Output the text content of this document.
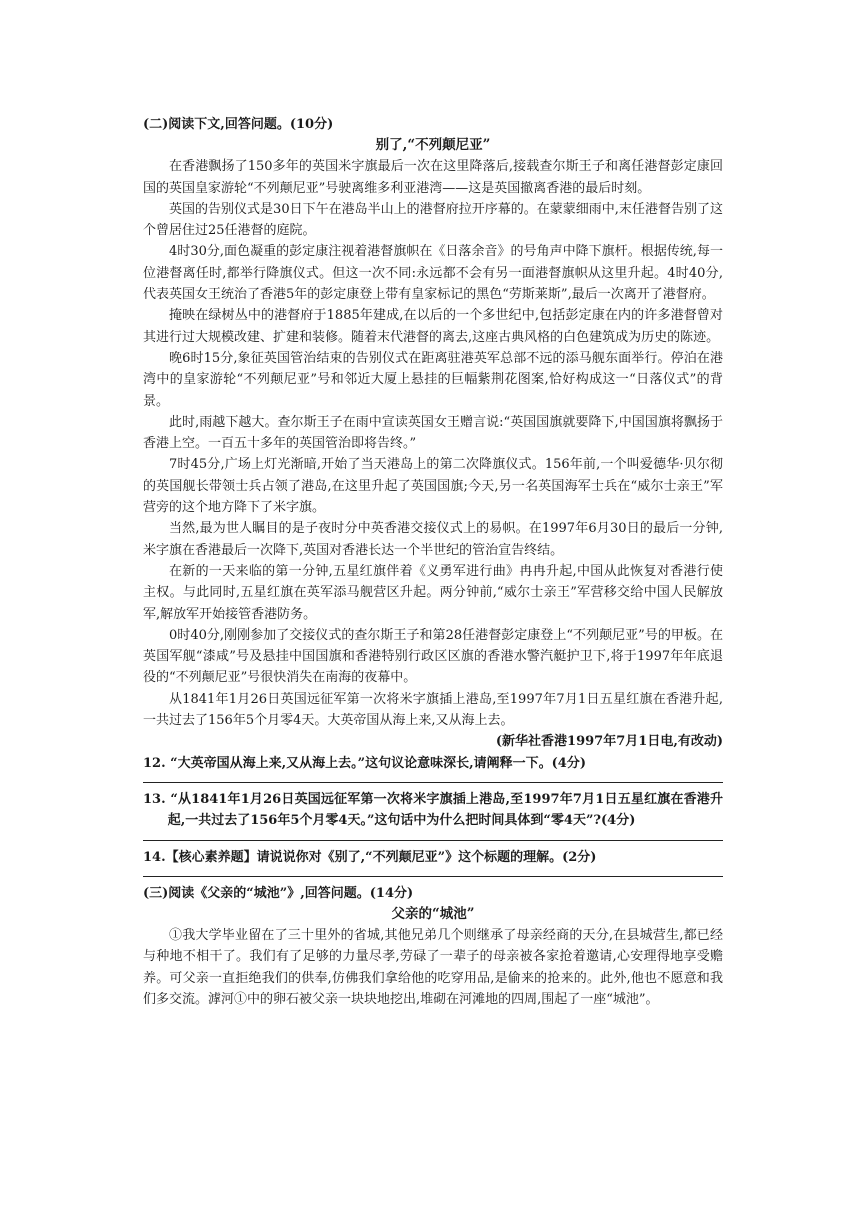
(二)阅读下文,回答问题。(10分)

别了,“不列颠尼亚”

在香港飘扬了150多年的英国米字旗最后一次在这里降落后,接载查尔斯王子和离任港督彭定康回国的英国皇家游轮“不列颠尼亚”号驶离维多利亚港湾——这是英国撤离香港的最后时刻。

英国的告别仪式是30日下午在港岛半山上的港督府拉开序幕的。在蒙蒙细雨中,末任港督告别了这个曾居住过25任港督的庭院。

4时30分,面色凝重的彭定康注视着港督旗帜在《日落余音》的号角声中降下旗杆。根据传统,每一位港督离任时,都举行降旗仪式。但这一次不同:永远都不会有另一面港督旗帜从这里升起。4时40分,代表英国女王统治了香港5年的彭定康登上带有皇家标记的黑色“劳斯莱斯”,最后一次离开了港督府。

掩映在绿树丛中的港督府于1885年建成,在以后的一个多世纪中,包括彭定康在内的许多港督曾对其进行过大规模改建、扩建和装修。随着末代港督的离去,这座古典风格的白色建筑成为历史的陈迹。

晚6时15分,象征英国管治结束的告别仪式在距离驻港英军总部不远的添马舰东面举行。停泊在港湾中的皇家游轮“不列颠尼亚”号和邻近大厦上悬挂的巨幅紫荆花图案,恰好构成这一“日落仪式”的背景。

此时,雨越下越大。查尔斯王子在雨中宣读英国女王赠言说:“英国国旗就要降下,中国国旗将飘扬于香港上空。一百五十多年的英国管治即将告终。”

7时45分,广场上灯光渐暗,开始了当天港岛上的第二次降旗仪式。156年前,一个叫爱德华·贝尔彻的英国舰长带领士兵占领了港岛,在这里升起了英国国旗;今天,另一名英国海军士兵在“威尔士亲王”军营旁的这个地方降下了米字旗。

当然,最为世人瞩目的是子夜时分中英香港交接仪式上的易帜。在1997年6月30日的最后一分钟,米字旗在香港最后一次降下,英国对香港长达一个半世纪的管治宣告终结。

在新的一天来临的第一分钟,五星红旗伴着《义勇军进行曲》冉冉升起,中国从此恢复对香港行使主权。与此同时,五星红旗在英军添马舰营区升起。两分钟前,“威尔士亲王”军营移交给中国人民解放军,解放军开始接管香港防务。

0时40分,刚刚参加了交接仪式的查尔斯王子和第28任港督彭定康登上“不列颠尼亚”号的甲板。在英国军舰“漆咸”号及悬挂中国国旗和香港特别行政区区旗的香港水警汽艇护卫下,将于1997年年底退役的“不列颠尼亚”号很快消失在南海的夜幕中。

从1841年1月26日英国远征军第一次将米字旗插上港岛,至1997年7月1日五星红旗在香港升起,一共过去了156年5个月零4天。大英帝国从海上来,又从海上去。

(新华社香港1997年7月1日电,有改动)

12. “大英帝国从海上来,又从海上去。”这句议论意味深长,请阐释一下。(4分)

13. “从1841年1月26日英国远征军第一次将米字旗插上港岛,至1997年7月1日五星红旗在香港升起,一共过去了156年5个月零4天。”这句话中为什么把时间具体到“零4天”?(4分)

14.【核心素养题】请说说你对《别了,“不列颠尼亚”》这个标题的理解。(2分)

(三)阅读《父亲的“城池”》,回答问题。(14分)

父亲的“城池”

①我大学毕业留在了三十里外的省城,其他兄弟几个则继承了母亲经商的天分,在县城营生,都已经与种地不相干了。我们有了足够的力量尽孝,劳碌了一辈子的母亲被各家抢着邀请,心安理得地享受赡养。可父亲一直拒绝我们的供奉,仿佛我们拿给他的吃穿用品,是偷来的抢来的。此外,他也不愿意和我们多交流。滹河①中的卵石被父亲一块块地挖出,堆砌在河滩地的四周,围起了一座“城池”。
